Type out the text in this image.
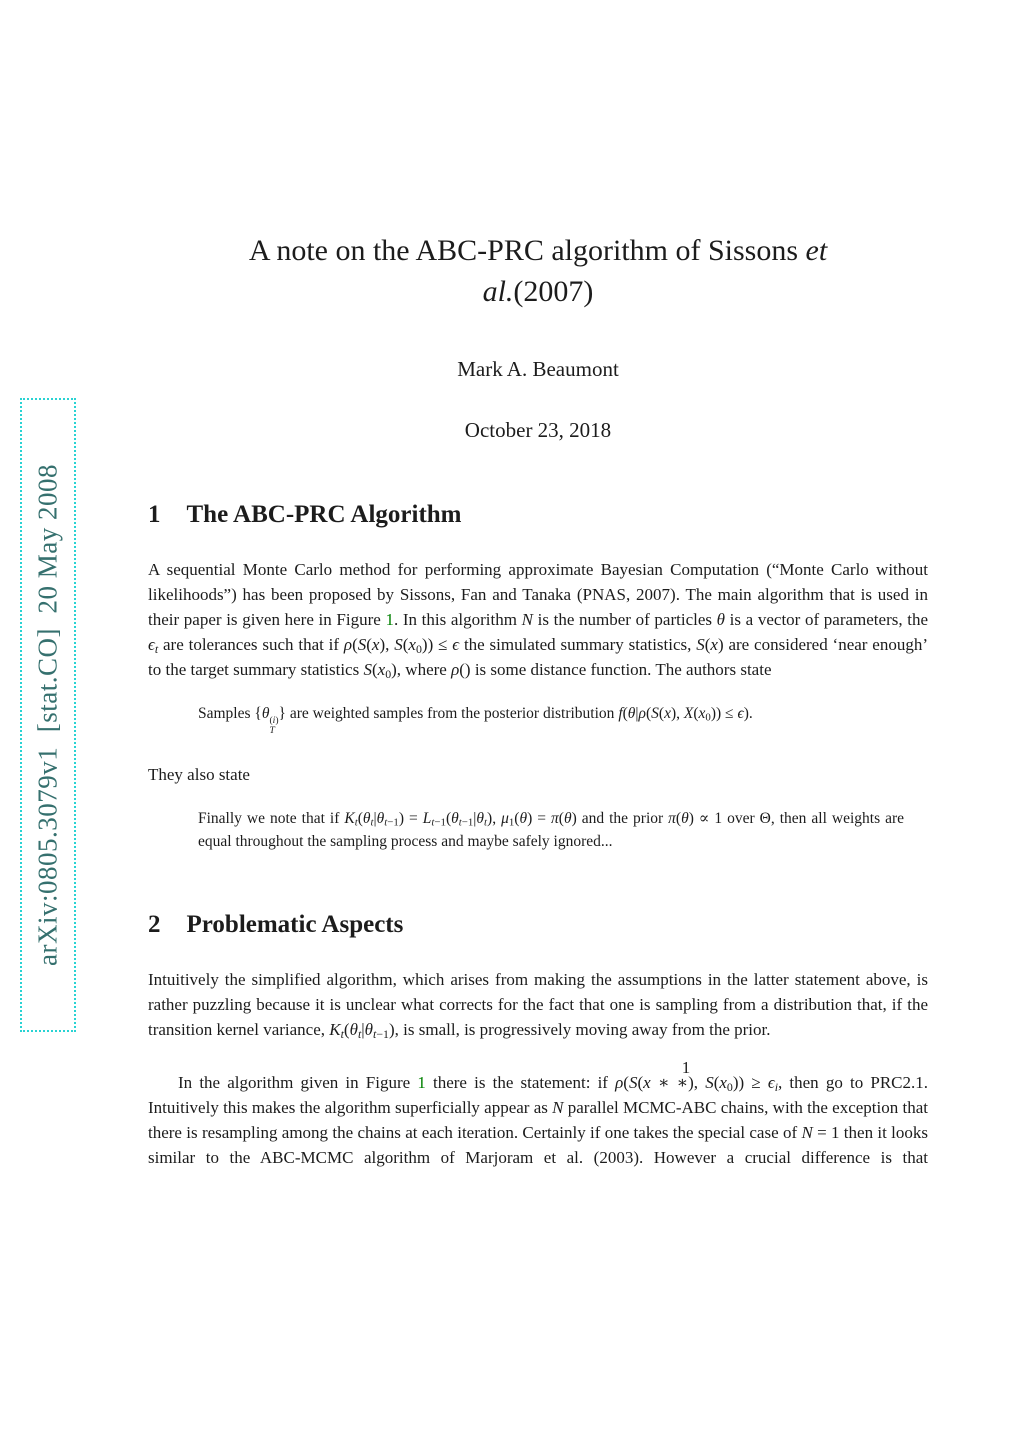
arXiv:0805.3079v1  [stat.CO]  20 May 2008
A note on the ABC-PRC algorithm of Sissons et
al.(2007)

Mark A. Beaumont

October 23, 2018

1 The ABC-PRC Algorithm

A sequential Monte Carlo method for performing approximate Bayesian Computation (“Monte Carlo without likelihoods”) has been proposed by Sissons, Fan and Tanaka (PNAS, 2007). The main algorithm that is used in their paper is given here in Figure 1. In this algorithm N is the number of particles θ is a vector of parameters, the $\epsilon_t$ are tolerances such that if ρ(S(x), $S(x_0)) \le \epsilon$ the simulated summary statistics, S(x) are considered ‘near enough’ to the target summary statistics $S(x_0)$, where ρ() is some distance function. The authors state

Samples {θ (i)
T
} are weighted samples from the posterior distribution f(θ|ρ(S(x), $X(x_0)) \le \epsilon$).

They also state

Finally we note that if $K_t(\theta_t|\theta_{t-1}) = L_{t-1}(\theta_{t-1}|\theta_t)$, $\mu_1(\theta) = \pi(\theta)$ and the prior π(θ) ∝ 1 over Θ, then all weights are equal throughout the sampling process and maybe safely ignored...
2 Problematic Aspects

Intuitively the simplified algorithm, which arises from making the assumptions in the latter statement above, is rather puzzling because it is unclear what corrects for the fact that one is sampling from a distribution that, if the transition kernel variance, $K_t(\theta_t|\theta_{t-1})$, is small, is progressively moving away from the prior.

In the algorithm given in Figure 1 there is the statement: if ρ(S(x ∗ ∗), $S(x_0)) \ge \epsilon_i$, then go to PRC2.1. Intuitively this makes the algorithm superficially appear as N parallel MCMC-ABC chains, with the exception that there is resampling among the chains at each iteration. Certainly if one takes the special case of N = 1 then it looks similar to the ABC-MCMC algorithm of Marjoram et al. (2003). However a crucial difference is that

1
